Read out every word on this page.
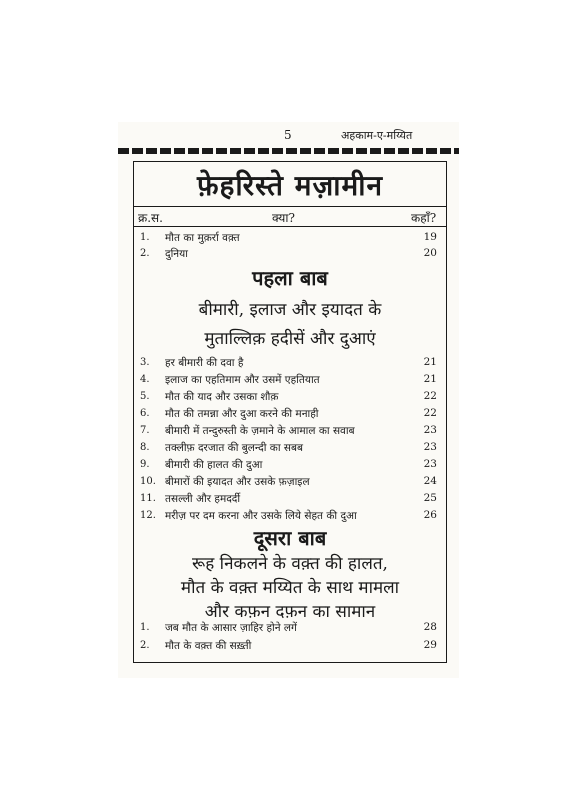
5	अहकाम-ए-मय्यित
फ़ेहरिस्ते मज़ामीन
क्र.स.	क्या?	कहाँ?
1. मौत का मुक़र्रा वक़्त	19
2. दुनिया	20
पहला बाब
बीमारी, इलाज और इयादत के
मुताल्लिक़ हदीसें और दुआएं
3. हर बीमारी की दवा है	21
4. इलाज का एहतिमाम और उसमें एहतियात	21
5. मौत की याद और उसका शौक़	22
6. मौत की तमन्ना और दुआ करने की मनाही	22
7. बीमारी में तन्दुरुस्ती के ज़माने के आमाल का सवाब	23
8. तक्लीफ़ दरजात की बुलन्दी का सबब	23
9. बीमारी की हालत की दुआ	23
10. बीमारों की इयादत और उसके फ़ज़ाइल	24
11. तसल्ली और हमदर्दी	25
12. मरीज़ पर दम करना और उसके लिये सेहत की दुआ	26
दूसरा बाब
रूह निकलने के वक़्त की हालत,
मौत के वक़्त मय्यित के साथ मामला
और कफ़न दफ़न का सामान
1. जब मौत के आसार ज़ाहिर होने लगें	28
2. मौत के वक़्त की सख़्ती	29
